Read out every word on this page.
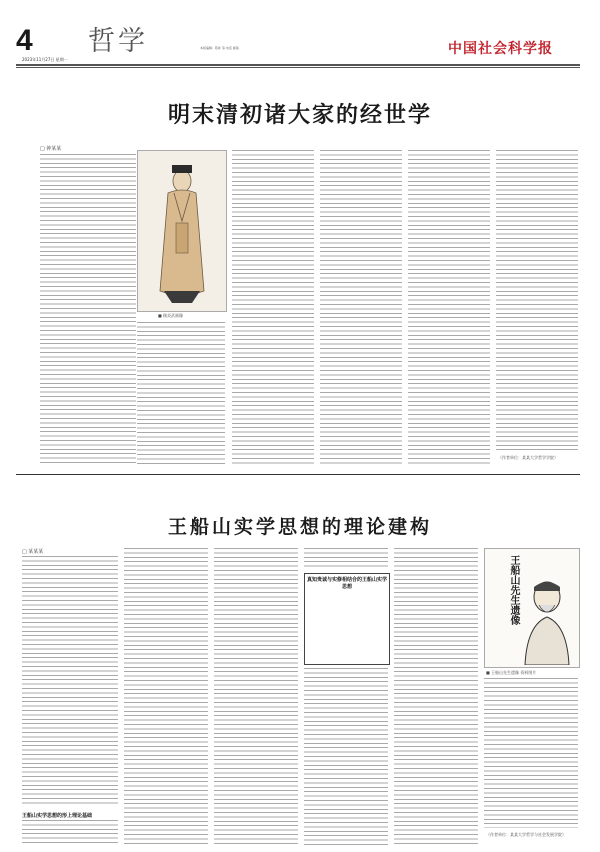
4 哲学	本版编辑：陈彬 等 电话 邮箱	中国社会科学报
2023年11月27日 星期一
明末清初诸大家的经世学
□ 钟某某
■ 顾炎武画像
（作者单位：某某大学哲学学院）
王船山实学思想的理论建构
□ 某某某
王船山实学思想的形上理论基础
真知贵诚与实修相结合的王船山实学思想	王船山先生遗像
■ 王船山先生遗像 资料图片
（作者单位：某某大学哲学与社会发展学院）
